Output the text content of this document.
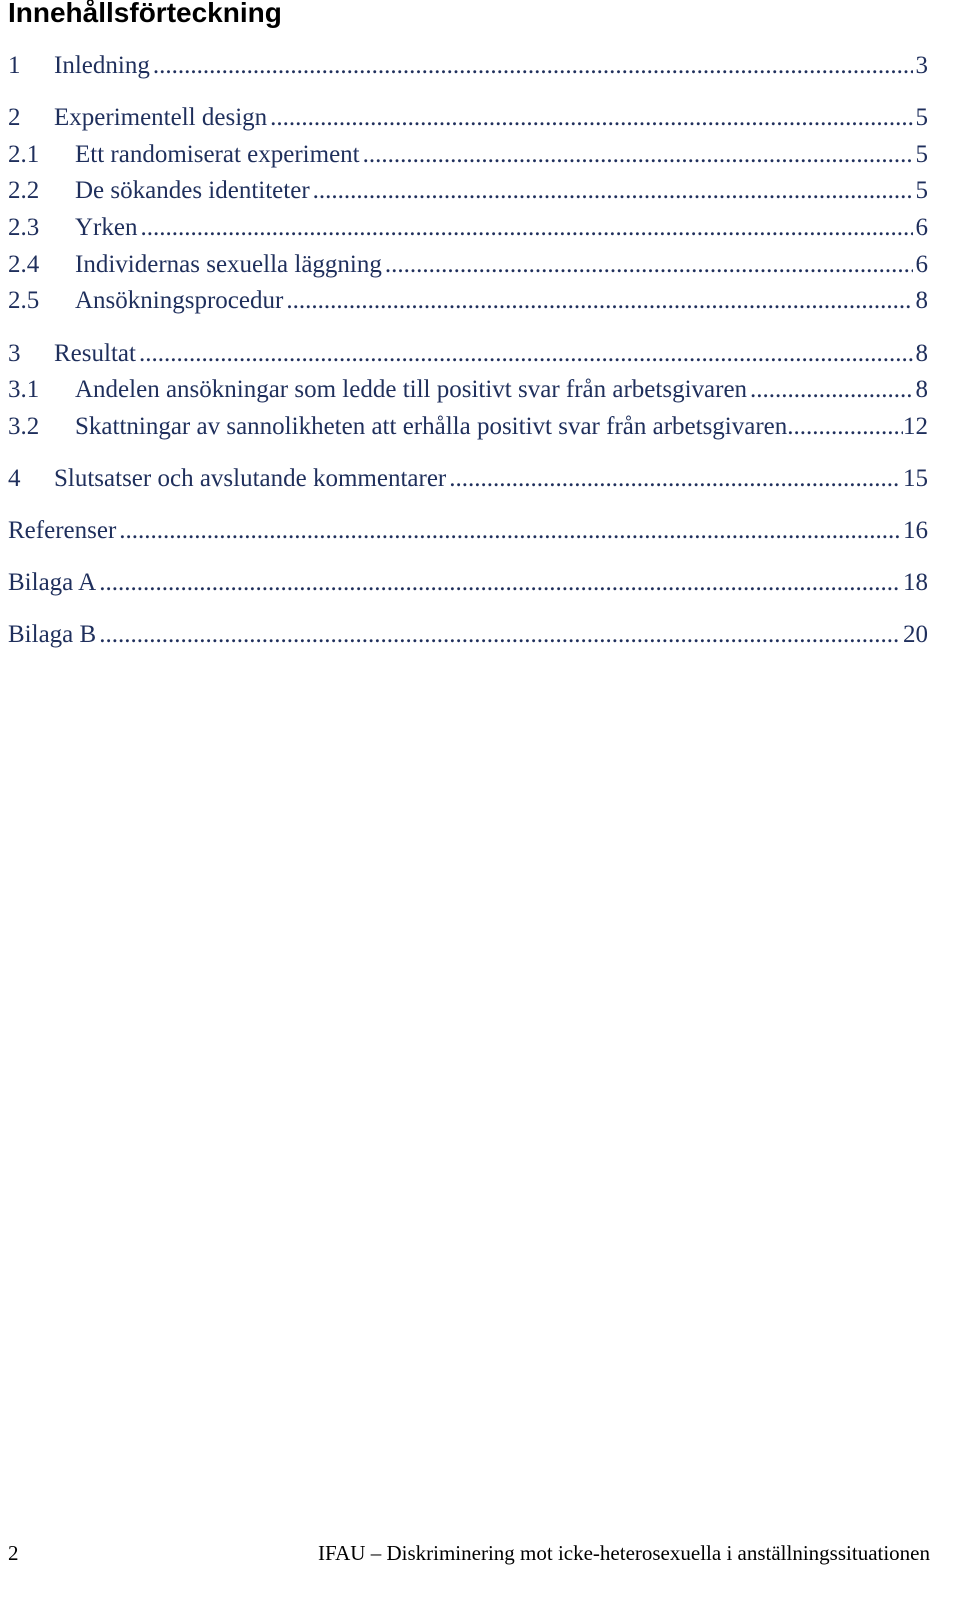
Innehållsförteckning
1	Inledning .....	3
2	Experimentell design .....	5
2.1	Ett randomiserat experiment .....	5
2.2	De sökandes identiteter .....	5
2.3	Yrken .....	6
2.4	Individernas sexuella läggning .....	6
2.5	Ansökningsprocedur .....	8
3	Resultat .....	8
3.1	Andelen ansökningar som ledde till positivt svar från arbetsgivaren .....	8
3.2	Skattningar av sannolikheten att erhålla positivt svar från arbetsgivaren .....	12
4	Slutsatser och avslutande kommentarer .....	15
Referenser .....	16
Bilaga A .....	18
Bilaga B .....	20
2	IFAU – Diskriminering mot icke-heterosexuella i anställningssituationen
